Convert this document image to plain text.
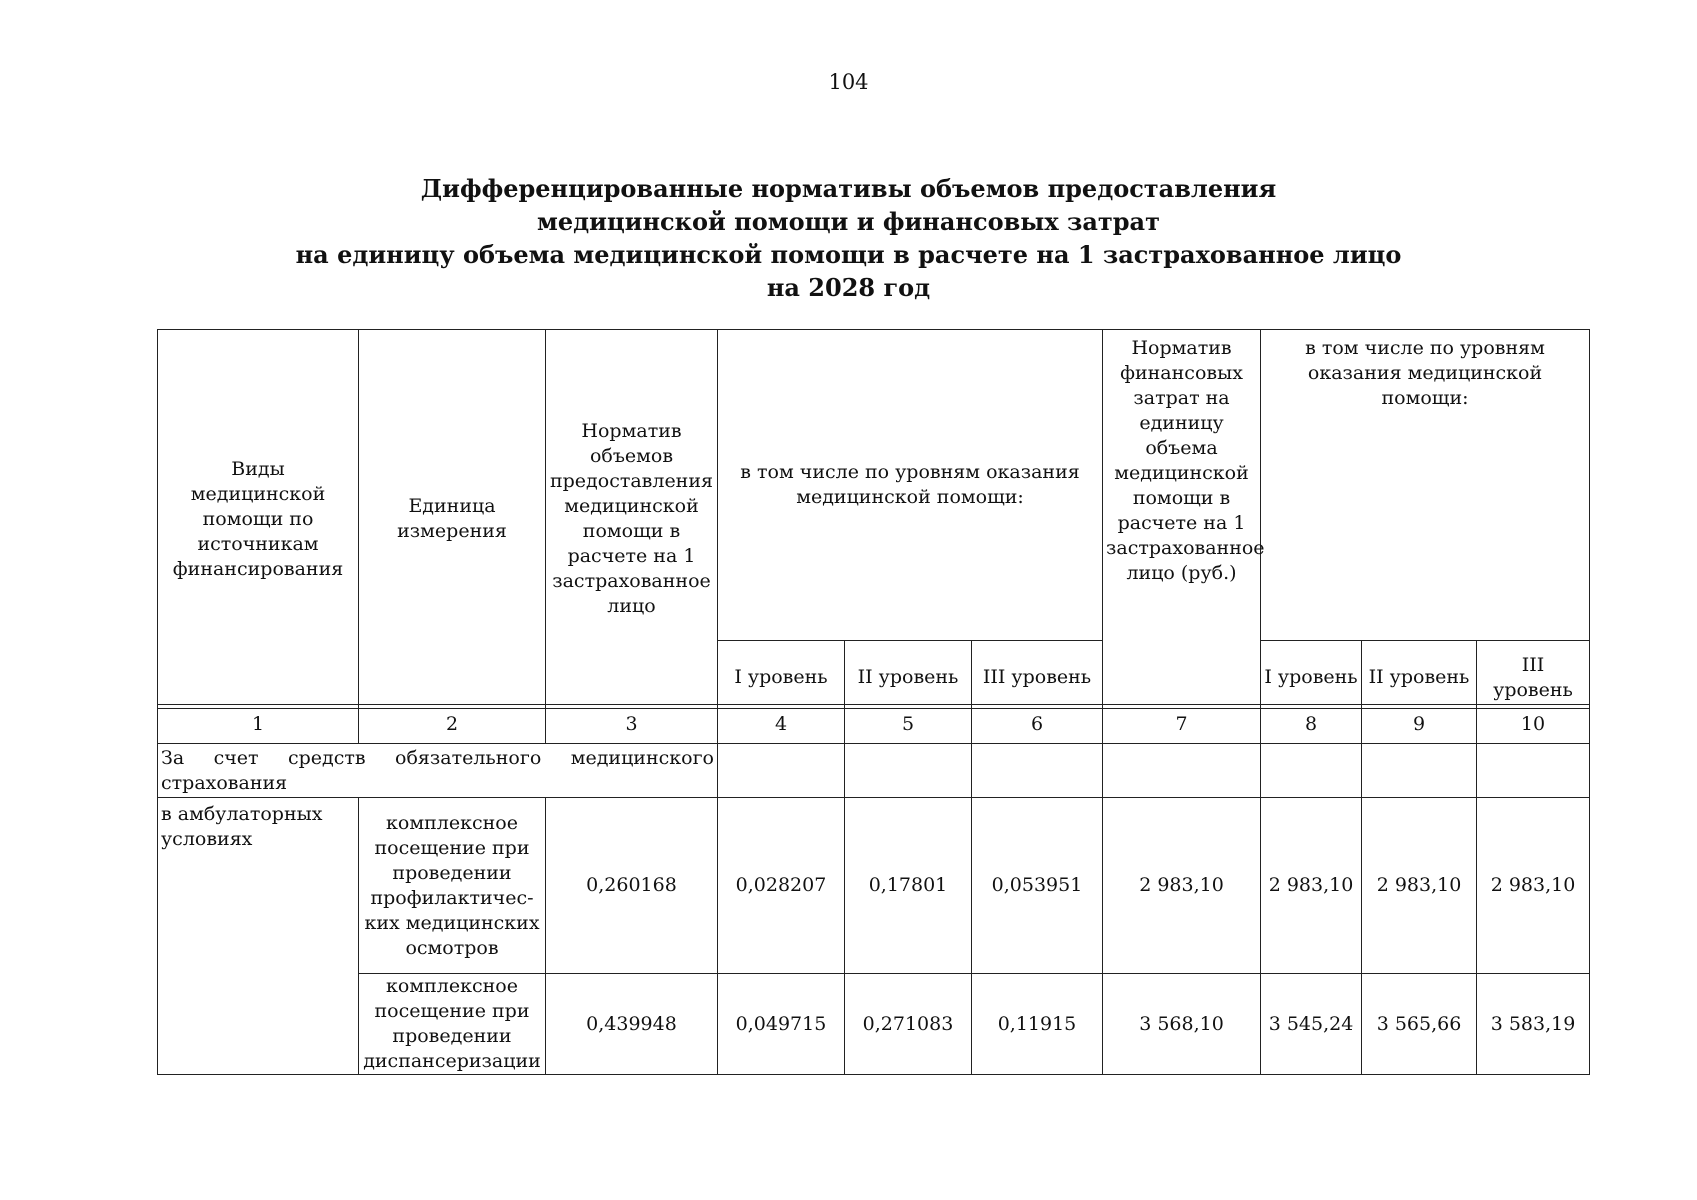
104
Дифференцированные нормативы объемов предоставления
медицинской помощи и финансовых затрат
на единицу объема медицинской помощи в расчете на 1 застрахованное лицо
на 2028 год
Виды медицинской помощи по источникам финансирования	Единица измерения	Норматив объемов предоставления медицинской помощи в расчете на 1 застрахованное лицо	в том числе по уровням оказания медицинской помощи:			Норматив финансовых затрат на единицу объема медицинской помощи в расчете на 1 застрахованное лицо (руб.)	в том числе по уровням оказания медицинской помощи:		
			I уровень	II уровень	III уровень		I уровень	II уровень	III уровень
1	2	3	4	5	6	7	8	9	10
За счет средств обязательного медицинского
страхования									

в амбулаторных условиях	комплексное посещение при проведении профилактичес-ких медицинских осмотров	0,260168	0,028207	0,17801	0,053951	2 983,10	2 983,10	2 983,10	2 983,10
	комплексное посещение при проведении диспансеризации	0,439948	0,049715	0,271083	0,11915	3 568,10	3 545,24	3 565,66	3 583,19
